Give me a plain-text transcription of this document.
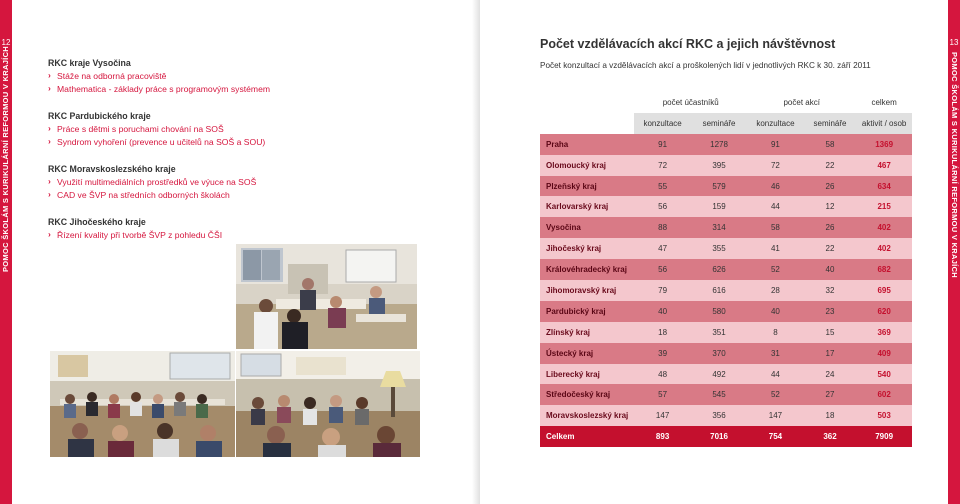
12
POMOC ŠKOLÁM S KURIKULÁRNÍ REFORMOU V KRAJÍCH	RKC kraje Vysočina
› Stáže na odborná pracoviště
› Mathematica - základy práce s programovým systémem
RKC Pardubického kraje
› Práce s dětmi s poruchami chování na SOŠ
› Syndrom vyhoření (prevence u učitelů na SOŠ a SOU)
RKC Moravskoslezského kraje
› Využití multimediálních prostředků ve výuce na SOŠ
› CAD ve ŠVP na středních odborných školách
RKC Jihočeského kraje
› Řízení kvality při tvorbě ŠVP z pohledu ČŠI
13
POMOC ŠKOLÁM S KURIKULÁRNÍ REFORMOU V KRAJÍCH
Počet vzdělávacích akcí RKC a jejich návštěvnost
Počet konzultací a vzdělávacích akcí a proškolených lidí v jednotlivých RKC k 30. září 2011
	počet účastníků		počet akcí		celkem
	konzultace	semináře	konzultace	semináře	aktivit / osob
Praha	91	1278	91	58	1369
Olomoucký kraj	72	395	72	22	467
Plzeňský kraj	55	579	46	26	634
Karlovarský kraj	56	159	44	12	215
Vysočina	88	314	58	26	402
Jihočeský kraj	47	355	41	22	402
Královéhradecký kraj	56	626	52	40	682
Jihomoravský kraj	79	616	28	32	695
Pardubický kraj	40	580	40	23	620
Zlínský kraj	18	351	8	15	369
Ústecký kraj	39	370	31	17	409
Liberecký kraj	48	492	44	24	540
Středočeský kraj	57	545	52	27	602
Moravskoslezský kraj	147	356	147	18	503
Celkem	893	7016	754	362	7909
